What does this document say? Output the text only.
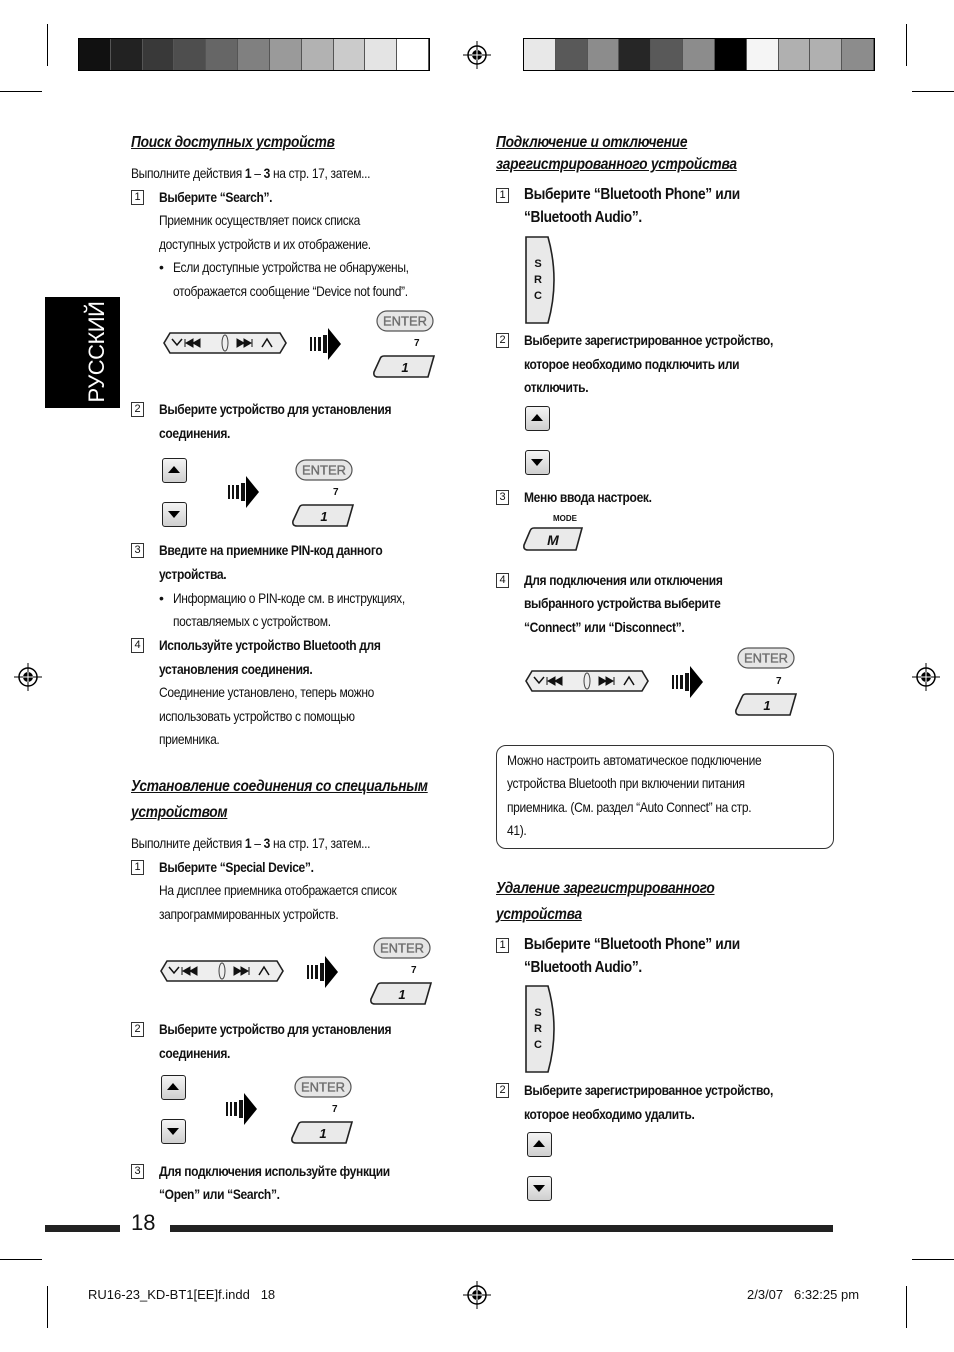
РУССКИЙ
Поиск доступных устройств
Выполните действия 1 – 3 на стр. 17, затем...
1 Выберите “Search”.
Приемник осуществляет поиск списка
доступных устройств и их отображение.
• Если доступные устройства не обнаружены,
отображается сообщение “Device not found”.
ENTER
7
1
2 Выберите устройство для установления
соединения.
ENTER
7
1
3 Введите на приемнике PIN-код данного
устройства.
• Информацию о PIN-коде см. в инструкциях,
поставляемых с устройством.
4 Используйте устройство Bluetooth для
установления соединения.
Соединение установлено, теперь можно
использовать устройство с помощью
приемника.
Установление соединения со специальным
устройством
Выполните действия 1 – 3 на стр. 17, затем...
1 Выберите “Special Device”.
На дисплее приемника отображается список
запрограммированных устройств.
ENTER
7
1
2 Выберите устройство для установления
соединения.
ENTER
7
1
3 Для подключения используйте функции
“Open” или “Search”.
Подключение и отключение
зарегистрированного устройства
1 Выберите “Bluetooth Phone” или
“Bluetooth Audio”.
S
R
C
2 Выберите зарегистрированное устройство,
которое необходимо подключить или
отключить.
3 Меню ввода настроек.
MODE
M
4 Для подключения или отключения
выбранного устройства выберите
“Connect” или “Disconnect”.
ENTER
7
1
Можно настроить автоматическое подключение
устройства Bluetooth при включении питания
приемника. (См. раздел “Auto Connect” на стр.
41).
Удаление зарегистрированного
устройства
1 Выберите “Bluetooth Phone” или
“Bluetooth Audio”.
S
R
C
2 Выберите зарегистрированное устройство,
которое необходимо удалить.
18
RU16-23_KD-BT1[EE]f.indd   18	2/3/07   6:32:25 pm
